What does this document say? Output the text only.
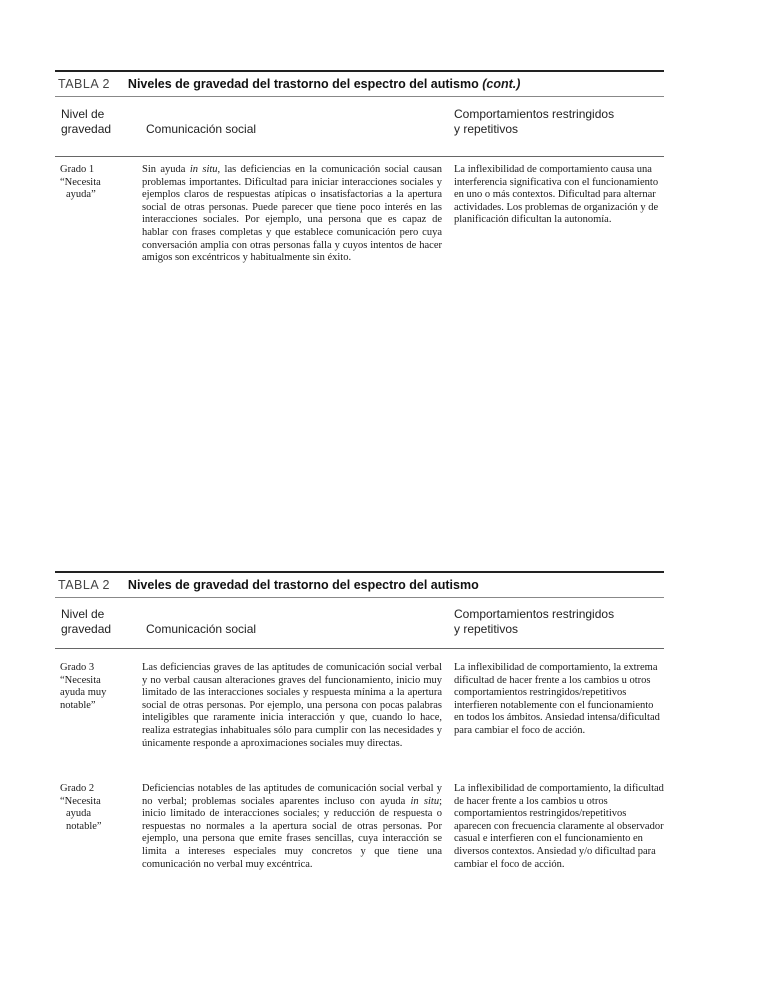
TABLA 2 Niveles de gravedad del trastorno del espectro del autismo (cont.)
Nivel de
gravedad	Comunicación social
Comportamientos restringidos
y repetitivos
Grado 1
“Necesita
ayuda”
Sin ayuda in situ, las deficiencias en la comunicación social causan problemas importantes. Dificultad para iniciar interacciones sociales y ejemplos claros de respuestas atípicas o insatisfactorias a la apertura social de otras personas. Puede parecer que tiene poco interés en las interacciones sociales. Por ejemplo, una persona que es capaz de hablar con frases completas y que establece comunicación pero cuya conversación amplia con otras personas falla y cuyos intentos de hacer amigos son excéntricos y habitualmente sin éxito.
La inflexibilidad de comportamiento causa una interferencia significativa con el funcionamiento en uno o más contextos. Dificultad para alternar actividades. Los problemas de organización y de planificación dificultan la autonomía.
TABLA 2 Niveles de gravedad del trastorno del espectro del autismo
Nivel de
gravedad	Comunicación social
Comportamientos restringidos
y repetitivos
Grado 3
“Necesita
ayuda muy
notable”
Las deficiencias graves de las aptitudes de comunicación social verbal y no verbal causan alteraciones graves del funcionamiento, inicio muy limitado de las interacciones sociales y respuesta mínima a la apertura social de otras personas. Por ejemplo, una persona con pocas palabras inteligibles que raramente inicia interacción y que, cuando lo hace, realiza estrategias inhabituales sólo para cumplir con las necesidades y únicamente responde a aproximaciones sociales muy directas.
La inflexibilidad de comportamiento, la extrema dificultad de hacer frente a los cambios u otros comportamientos restringidos/repetitivos interfieren notablemente con el funcionamiento en todos los ámbitos. Ansiedad intensa/dificultad para cambiar el foco de acción.
Grado 2
“Necesita
ayuda
notable”
Deficiencias notables de las aptitudes de comunicación social verbal y no verbal; problemas sociales aparentes incluso con ayuda in situ; inicio limitado de interacciones sociales; y reducción de respuesta o respuestas no normales a la apertura social de otras personas. Por ejemplo, una persona que emite frases sencillas, cuya interacción se limita a intereses especiales muy concretos y que tiene una comunicación no verbal muy excéntrica.
La inflexibilidad de comportamiento, la dificultad de hacer frente a los cambios u otros comportamientos restringidos/repetitivos aparecen con frecuencia claramente al observador casual e interfieren con el funcionamiento en diversos contextos. Ansiedad y/o dificultad para cambiar el foco de acción.
